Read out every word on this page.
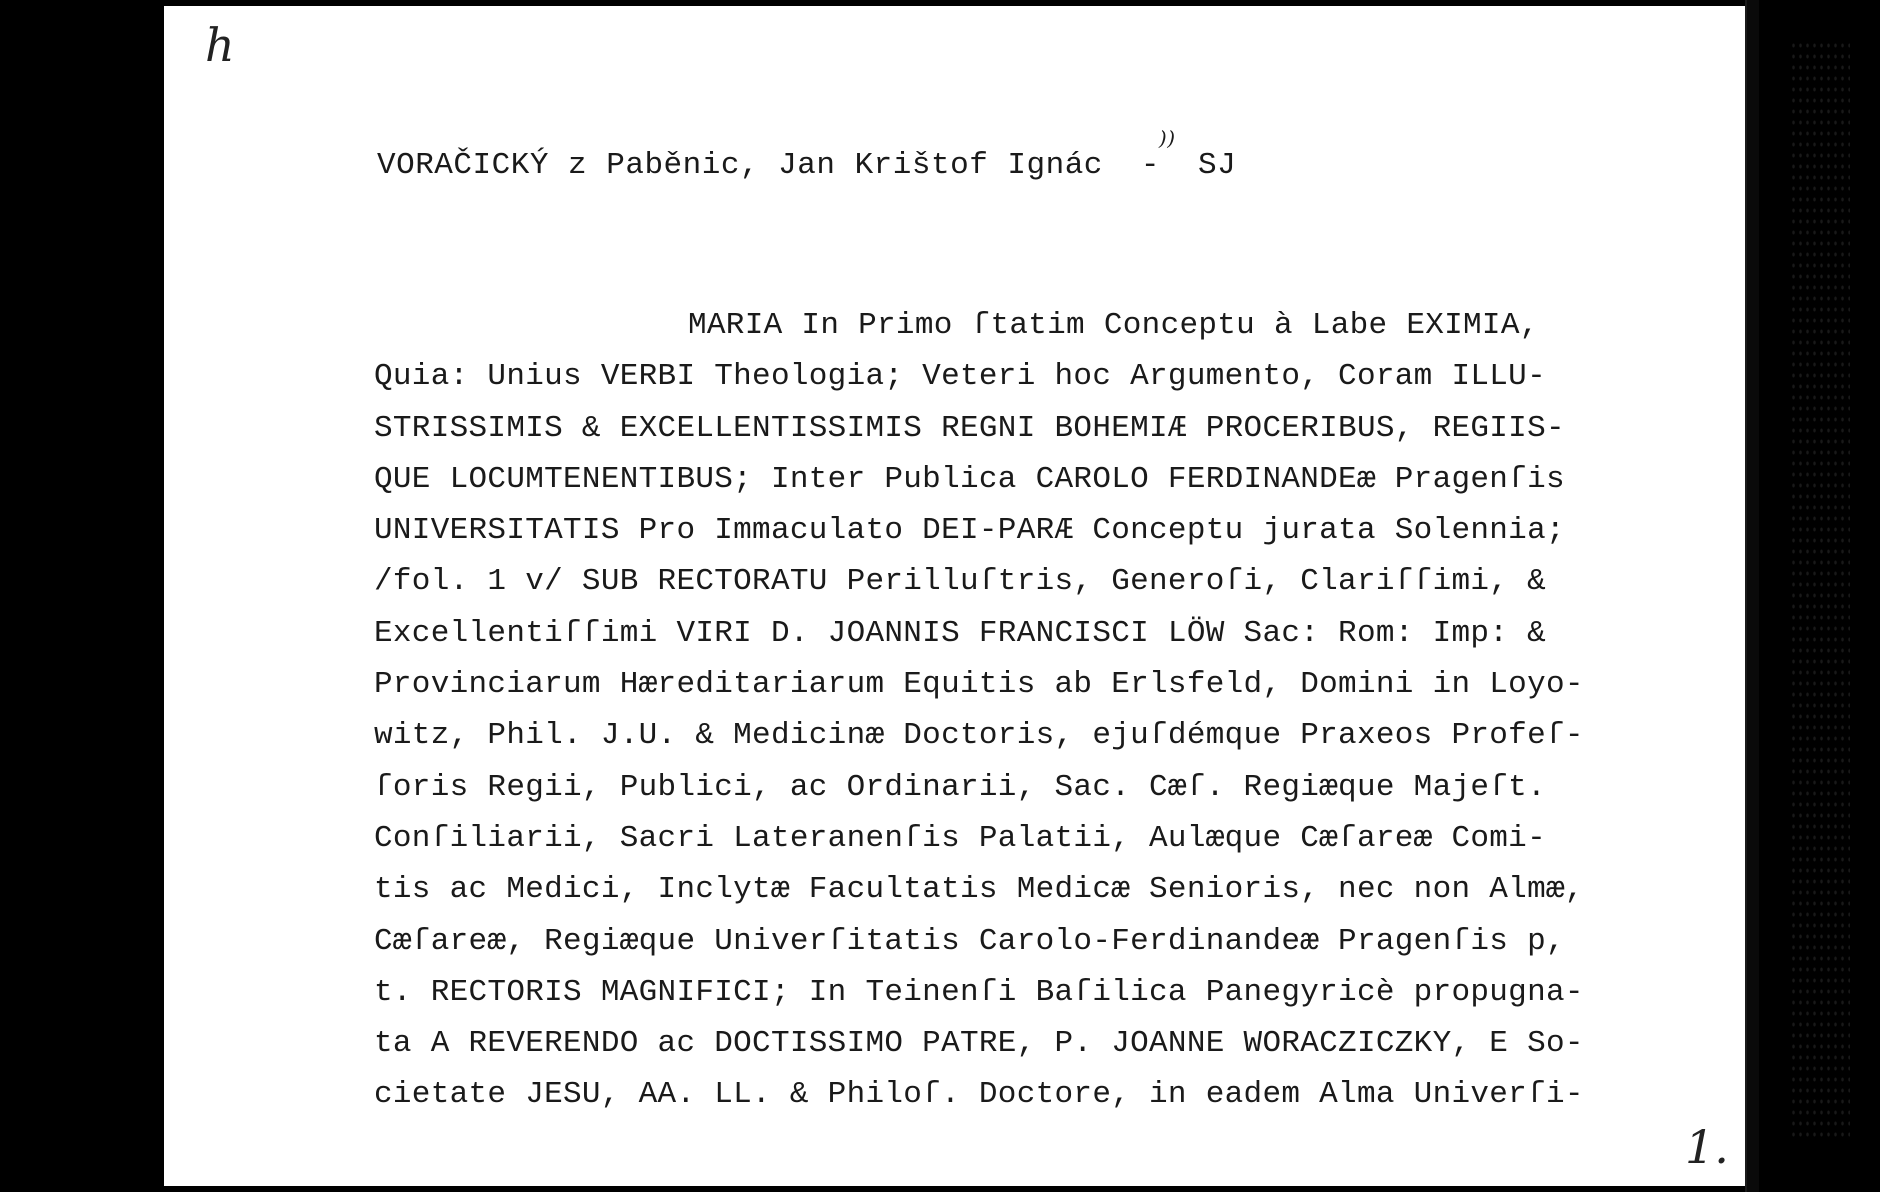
h
VORAČICKÝ z Paběnic, Jan Krištof Ignác -
))
SJ
MARIA In Primo ſtatim Conceptu à Labe EXIMIA,
Quia: Unius VERBI Theologia; Veteri hoc Argumento, Coram ILLU-
STRISSIMIS & EXCELLENTISSIMIS REGNI BOHEMIÆ PROCERIBUS, REGIIS-
QUE LOCUMTENENTIBUS; Inter Publica CAROLO FERDINANDEæ Pragenſis
UNIVERSITATIS Pro Immaculato DEI-PARÆ Conceptu jurata Solennia;
/fol. 1 v/ SUB RECTORATU Perilluſtris, Generoſi, Clariſſimi, &
Excellentiſſimi VIRI D. JOANNIS FRANCISCI LÖW Sac: Rom: Imp: &
Provinciarum Hæreditariarum Equitis ab Erlsfeld, Domini in Loyo-
witz, Phil. J.U. & Medicinæ Doctoris, ejuſdémque Praxeos Profeſ-
ſoris Regii, Publici, ac Ordinarii, Sac. Cæſ. Regiæque Majeſt.
Conſiliarii, Sacri Lateranenſis Palatii, Aulæque Cæſareæ Comi-
tis ac Medici, Inclytæ Facultatis Medicæ Senioris, nec non Almæ,
Cæſareæ, Regiæque Univerſitatis Carolo-Ferdinandeæ Pragenſis p,
t. RECTORIS MAGNIFICI; In Teinenſi Baſilica Panegyricè propugna-
ta A REVERENDO ac DOCTISSIMO PATRE, P. JOANNE WORACZICZKY, E So-
cietate JESU, AA. LL. & Philoſ. Doctore, in eadem Alma Univerſi-
1.
